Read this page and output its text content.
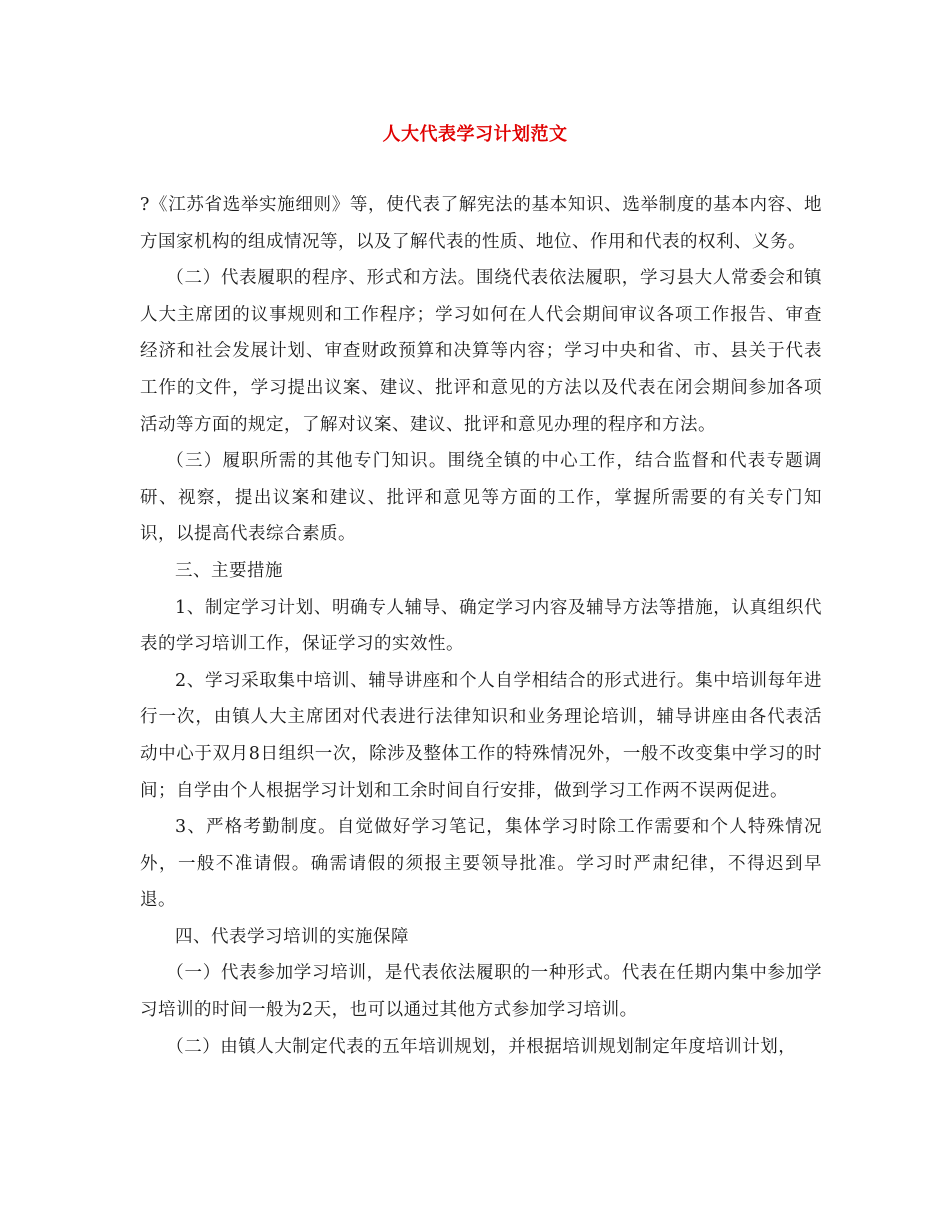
人大代表学习计划范文

?《江苏省选举实施细则》等，使代表了解宪法的基本知识、选举制度的基本内容、地方国家机构的组成情况等，以及了解代表的性质、地位、作用和代表的权利、义务。

（二）代表履职的程序、形式和方法。围绕代表依法履职，学习县大人常委会和镇人大主席团的议事规则和工作程序；学习如何在人代会期间审议各项工作报告、审查经济和社会发展计划、审查财政预算和决算等内容；学习中央和省、市、县关于代表工作的文件，学习提出议案、建议、批评和意见的方法以及代表在闭会期间参加各项活动等方面的规定，了解对议案、建议、批评和意见办理的程序和方法。

（三）履职所需的其他专门知识。围绕全镇的中心工作，结合监督和代表专题调研、视察，提出议案和建议、批评和意见等方面的工作，掌握所需要的有关专门知识，以提高代表综合素质。

三、主要措施

1、制定学习计划、明确专人辅导、确定学习内容及辅导方法等措施，认真组织代表的学习培训工作，保证学习的实效性。

2、学习采取集中培训、辅导讲座和个人自学相结合的形式进行。集中培训每年进行一次，由镇人大主席团对代表进行法律知识和业务理论培训，辅导讲座由各代表活动中心于双月8日组织一次，除涉及整体工作的特殊情况外，一般不改变集中学习的时间；自学由个人根据学习计划和工余时间自行安排，做到学习工作两不误两促进。

3、严格考勤制度。自觉做好学习笔记，集体学习时除工作需要和个人特殊情况外，一般不准请假。确需请假的须报主要领导批准。学习时严肃纪律，不得迟到早退。

四、代表学习培训的实施保障

（一）代表参加学习培训，是代表依法履职的一种形式。代表在任期内集中参加学习培训的时间一般为2天，也可以通过其他方式参加学习培训。

（二）由镇人大制定代表的五年培训规划，并根据培训规划制定年度培训计划，
